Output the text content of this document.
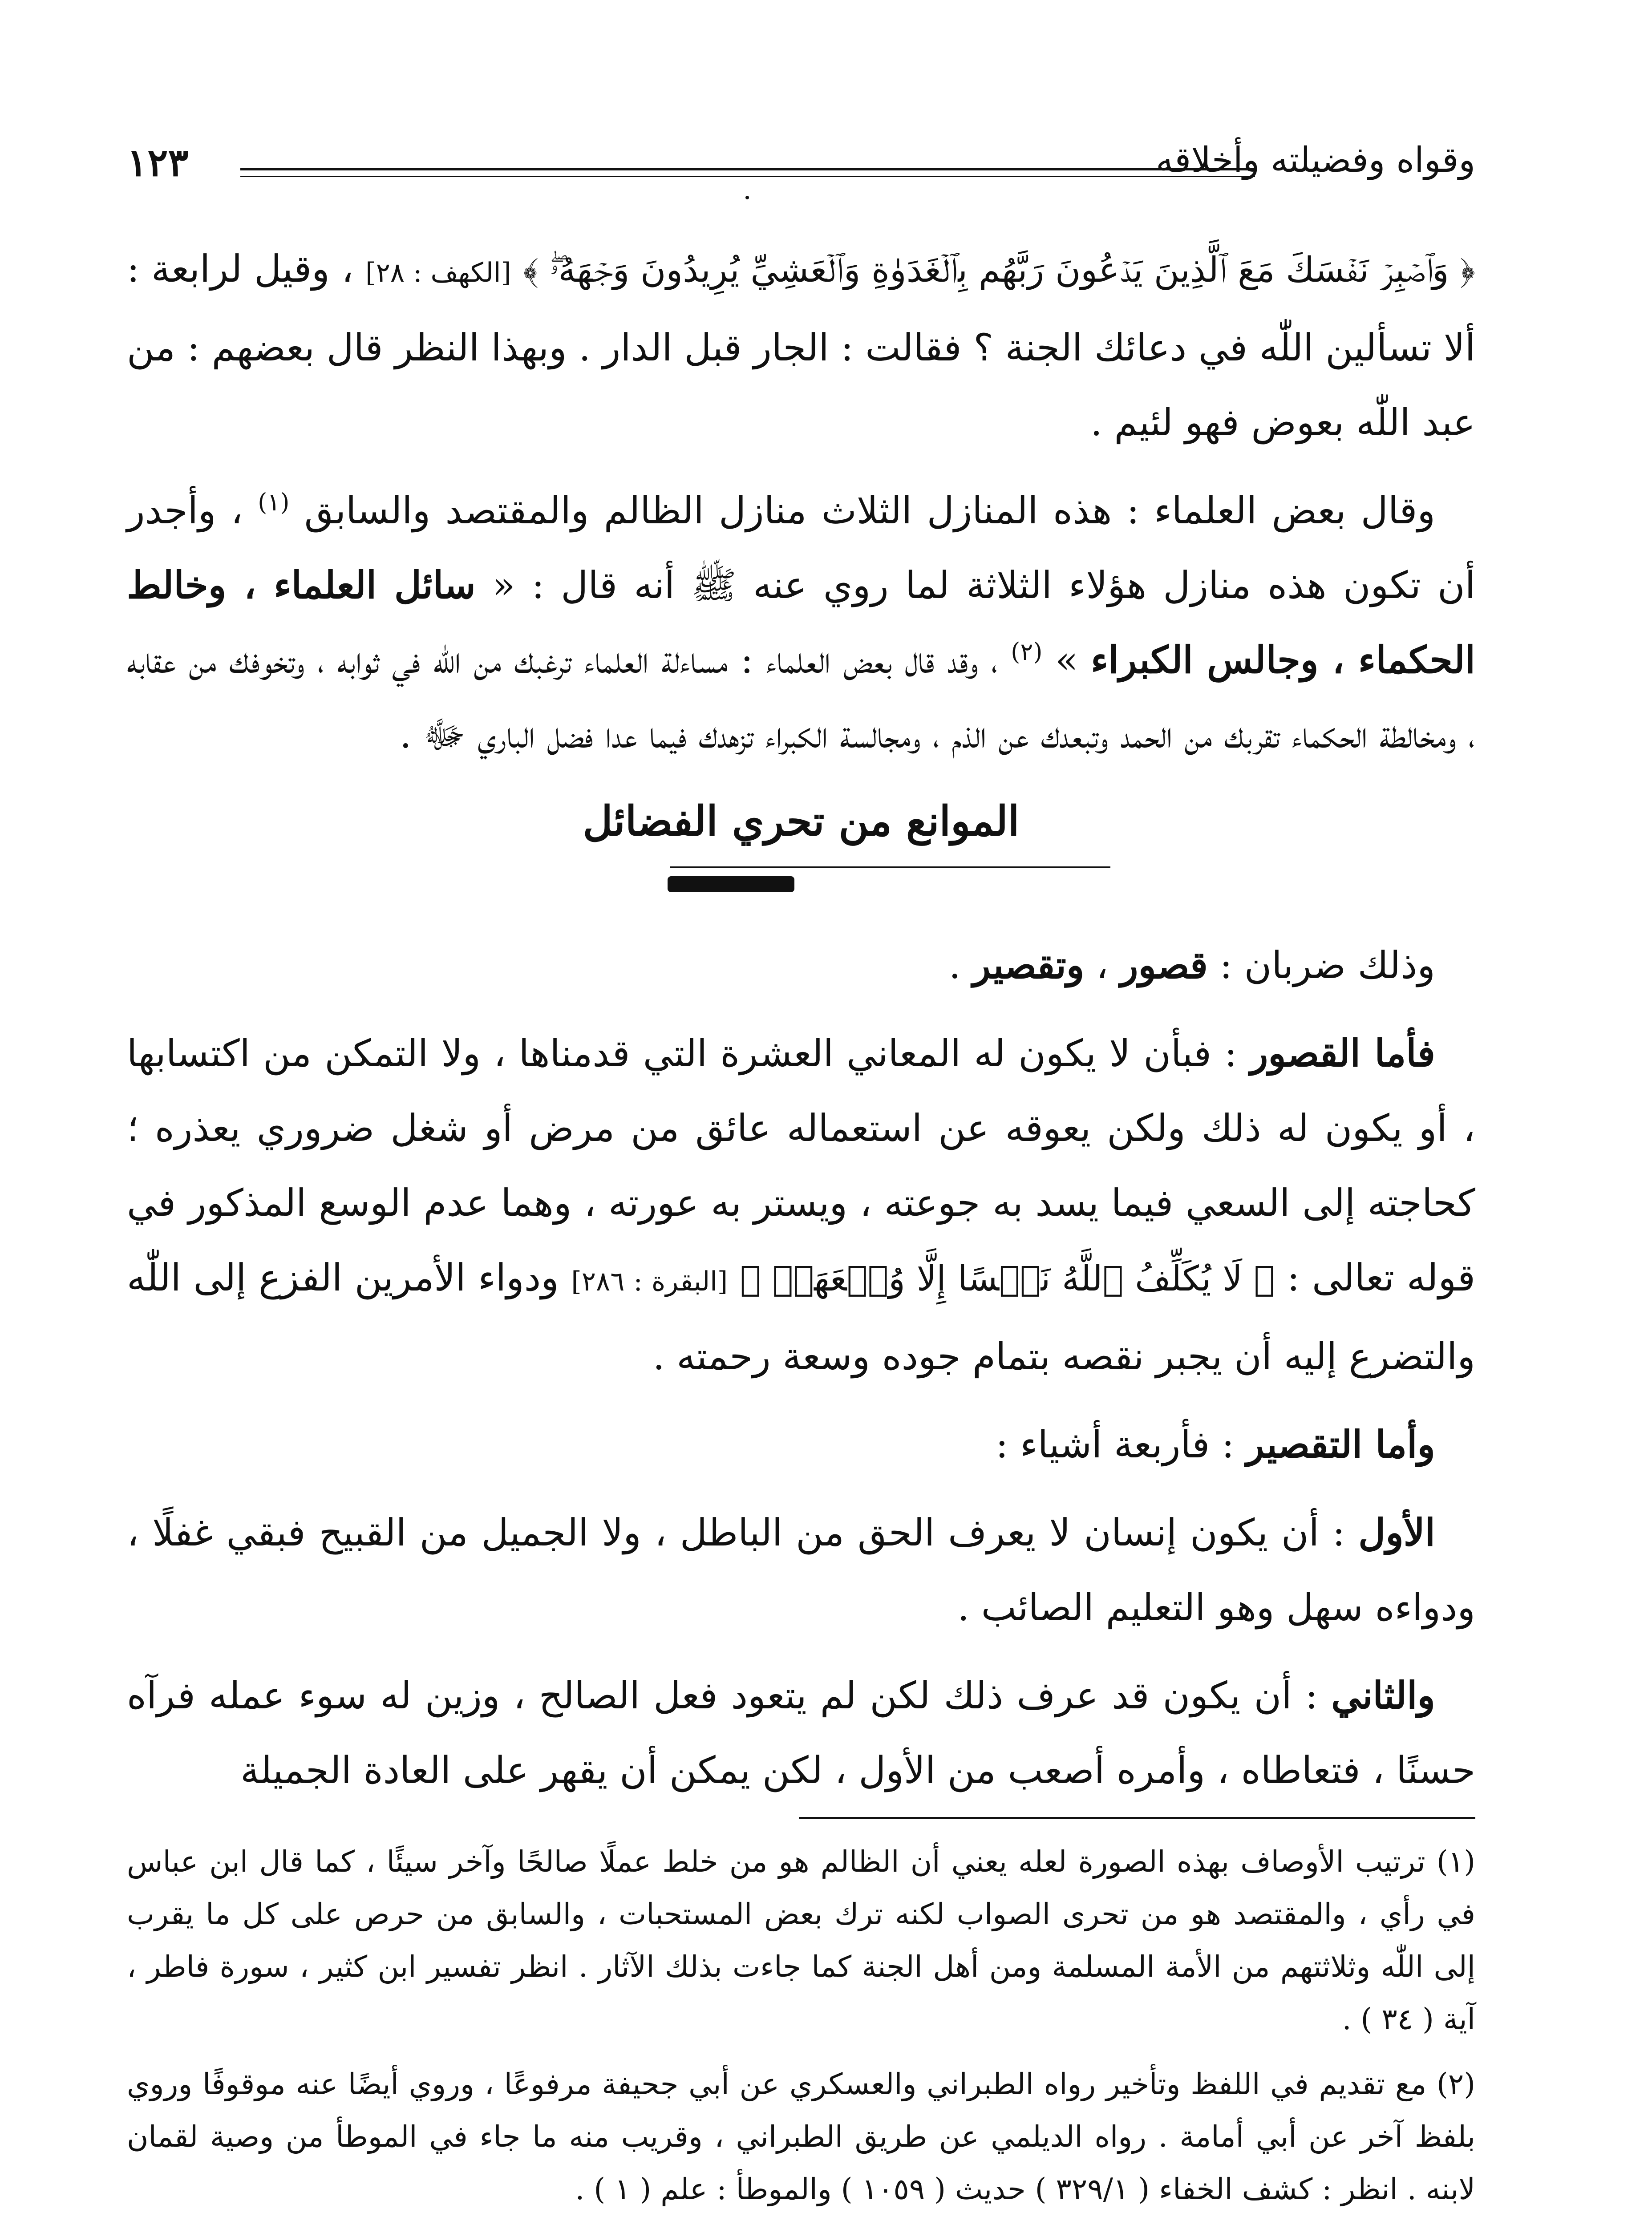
١٢٣	وقواه وفضيلته وأخلاقه

﴿ وَٱصۡبِرۡ نَفۡسَكَ مَعَ ٱلَّذِينَ يَدۡعُونَ رَبَّهُم بِٱلۡغَدَوٰةِ وَٱلۡعَشِيِّ يُرِيدُونَ وَجۡهَهُۥۖ ﴾ [الكهف : ٢٨] ، وقيل لرابعة : ألا تسألين اللّٰه في دعائك الجنة ؟ فقالت : الجار قبل الدار . وبهذا النظر قال بعضهم : من عبد اللّٰه بعوض فهو لئيم .

وقال بعض العلماء : هذه المنازل الثلاث منازل الظالم والمقتصد والسابق $^{(١)}$ ، وأجدر أن تكون هذه منازل هؤلاء الثلاثة لما روي عنه ﷺ أنه قال : « سائل العلماء ، وخالط الحكماء ، وجالس الكبراء » $^{(٢)}$ ، وقد قال بعض العلماء : مساءلة العلماء ترغبك من اللّٰه في ثوابه ، وتخوفك من عقابه ، ومخالطة الحكماء تقربك من الحمد وتبعدك عن الذم ، ومجالسة الكبراء تزهدك فيما عدا فضل الباري ﷻ .

الموانع من تحري الفضائل

وذلك ضربان : قصور ، وتقصير .

فأما القصور : فبأن لا يكون له المعاني العشرة التي قدمناها ، ولا التمكن من اكتسابها ، أو يكون له ذلك ولكن يعوقه عن استعماله عائق من مرض أو شغل ضروري يعذره ؛ كحاجته إلى السعي فيما يسد به جوعته ، ويستر به عورته ، وهما عدم الوسع المذكور في قوله تعالى : ﴿ لَا يُكَلِّفُ ٱللَّهُ نَفۡسًا إِلَّا وُسۡعَهَاۚ ﴾ [البقرة : ٢٨٦] ودواء الأمرين الفزع إلى اللّٰه والتضرع إليه أن يجبر نقصه بتمام جوده وسعة رحمته .

وأما التقصير : فأربعة أشياء :

الأول : أن يكون إنسان لا يعرف الحق من الباطل ، ولا الجميل من القبيح فبقي غفلًا ، ودواءه سهل وهو التعليم الصائب .

والثاني : أن يكون قد عرف ذلك لكن لم يتعود فعل الصالح ، وزين له سوء عمله فرآه حسنًا ، فتعاطاه ، وأمره أصعب من الأول ، لكن يمكن أن يقهر على العادة الجميلة

(١) ترتيب الأوصاف بهذه الصورة لعله يعني أن الظالم هو من خلط عملًا صالحًا وآخر سيئًا ، كما قال ابن عباس في رأي ، والمقتصد هو من تحرى الصواب لكنه ترك بعض المستحبات ، والسابق من حرص على كل ما يقرب إلى اللّٰه وثلاثتهم من الأمة المسلمة ومن أهل الجنة كما جاءت بذلك الآثار . انظر تفسير ابن كثير ، سورة فاطر ، آية ( ٣٤ ) .

(٢) مع تقديم في اللفظ وتأخير رواه الطبراني والعسكري عن أبي جحيفة مرفوعًا ، وروي أيضًا عنه موقوفًا وروي بلفظ آخر عن أبي أمامة . رواه الديلمي عن طريق الطبراني ، وقريب منه ما جاء في الموطأ من وصية لقمان لابنه . انظر : كشف الخفاء ( ٣٢٩/١ ) حديث ( ١٠٥٩ ) والموطأ : علم ( ١ ) .
